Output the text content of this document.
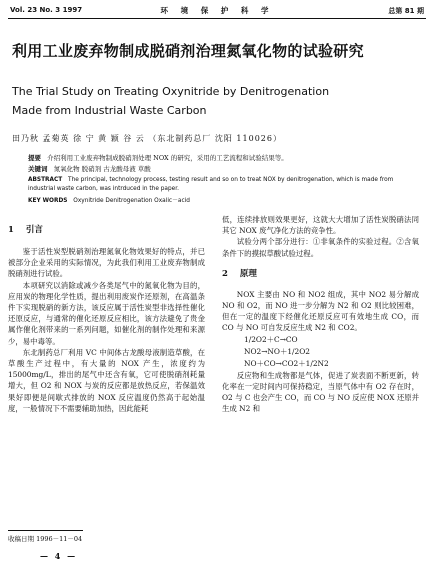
Vol. 23 No. 3 1997	环 境 保 护 科 学	总第 81 期
利用工业废弃物制成脱硝剂治理氮氧化物的试验研究
The Trial Study on Treating Oxynitride by Denitrogenation
Made from Industrial Waste Carbon
田乃秋 孟菊英 徐 宁 黄 颖 谷 云 （东北制药总厂 沈阳 110026）
提要 介绍利用工业废弃物制成脱硝剂处理 NOX 的研究，采用的工艺流程和试验结果等。
关键词 氮氧化物 脱硝剂 古龙酸母液 草酸
ABSTRACT The principal, technology process, testing result and so on to treat NOX by denitrogenation, which is made from industrial waste carbon, was intrduced in the paper.
KEY WORDS Oxynitride Denitrogenation Oxalic－acid
1 引言

鉴于活性炭型脱硝剂治理氮氧化物效果好的特点，并已被部分企业采用的实际情况，为此我们利用工业废弃物制成脱硝剂进行试验。

本项研究以消除或减少各类尾气中的氮氧化物为目的，应用炭的物理化学性质，提出利用废炭作还原剂，在高温条件下实现脱硝的新方法，该反应属于活性炭型非选择性催化还原反应，与通常的催化还原反应相比，该方法避免了贵金属作催化剂带来的一系列问题，如催化剂的制作处理和来源少，易中毒等。

东北制药总厂利用 VC 中间体古龙酸母液制造草酸，在草酸生产过程中，有大量的 NOX 产生，浓度约为 15000mg/L，排出的尾气中还含有氧，它可使脱硝剂耗量增大，但 O2 和 NOX 与炭的反应都是放热反应，若保温效果好即便是间歇式排放的 NOX 反应温度仍然高于起始温度，一般情况下不需要辅助加热，因此能耗

低，连续排放则效果更好，这就大大增加了活性炭脱硝法同其它 NOX 废气净化方法的竞争性。

试验分两个部分进行：①非氧条件的实验过程。②含氧条件下的摸拟草酸试验过程。

2 原理

NOX 主要由 NO 和 NO2 组成，其中 NO2 易分解成 NO 和 O2，而 NO 进一步分解为 N2 和 O2 则比较困难，但在一定的温度下经催化还原反应可有效地生成 CO，而 CO 与 NO 可自发反应生成 N2 和 CO2。

1/2O2＋C→CO
NO2→NO＋1/2O2
NO＋CO→CO2＋1/2N2

反应物和生成物都是气体，促进了炭表面不断更新，转化率在一定时间内可保持稳定，当原气体中有 O2 存在时，O2 与 C 也会产生 CO，而 CO 与 NO 反应使 NOX 还原并生成 N2 和

收稿日期 1996－11－04
— 4 —
